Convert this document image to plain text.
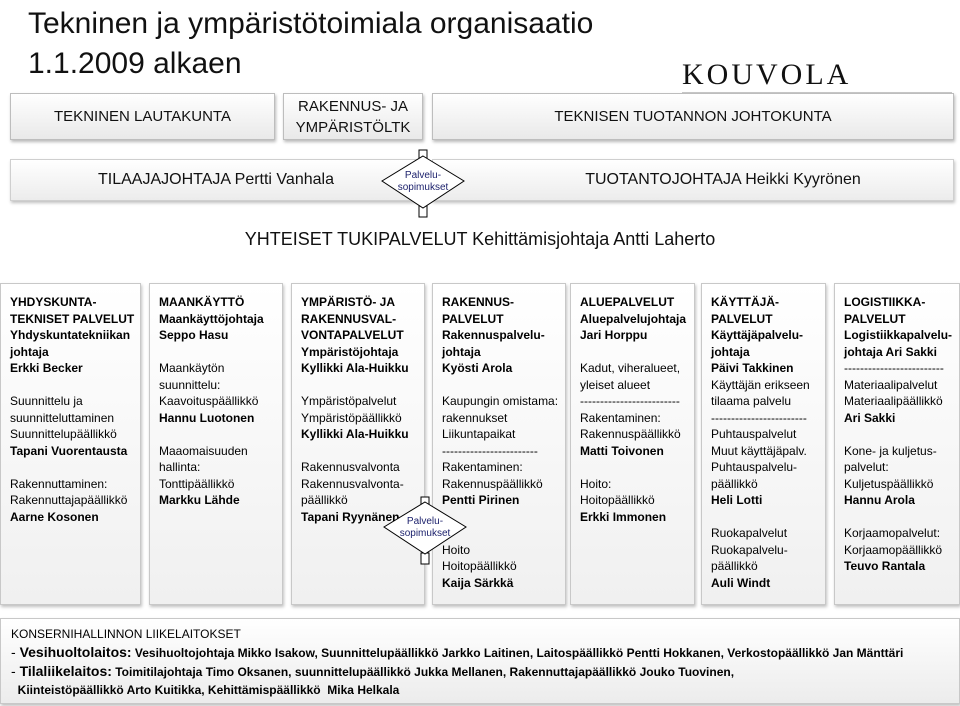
Tekninen ja ympäristötoimiala organisaatio
1.1.2009 alkaen	KOUVOLA
TEKNINEN LAUTAKUNTA
RAKENNUS- JA
YMPÄRISTÖLTK
TEKNISEN TUOTANNON JOHTOKUNTA
TILAAJAJOHTAJA Pertti Vanhala	TUOTANTOJOHTAJA Heikki Kyyrönen
Palvelu-
sopimukset
YHTEISET TUKIPALVELUT Kehittämisjohtaja Antti Laherto
YHDYSKUNTA-
TEKNISET PALVELUT
Yhdyskuntatekniikan
johtaja
Erkki Becker
Suunnittelu ja
suunnitteluttaminen
Suunnittelupäällikkö
Tapani Vuorentausta
Rakennuttaminen:
Rakennuttajapäällikkö
Aarne Kosonen
MAANKÄYTTÖ
Maankäyttöjohtaja
Seppo Hasu
Maankäytön
suunnittelu:
Kaavoituspäällikkö
Hannu Luotonen
Maaomaisuuden
hallinta:
Tonttipäällikkö
Markku Lähde
YMPÄRISTÖ- JA
RAKENNUSVAL-
VONTAPALVELUT
Ympäristöjohtaja
Kyllikki Ala-Huikku
Ympäristöpalvelut
Ympäristöpäällikkö
Kyllikki Ala-Huikku
Rakennusvalvonta
Rakennusvalvonta-
päällikkö
Tapani Ryynänen
RAKENNUS-
PALVELUT
Rakennuspalvelu-
johtaja
Kyösti Arola
Kaupungin omistama:
rakennukset
Liikuntapaikat
------------------------
Rakentaminen:
Rakennuspäällikkö
Pentti Pirinen
Hoito
Hoitopäällikkö
Kaija Särkkä
ALUEPALVELUT
Aluepalvelujohtaja
Jari Horppu
Kadut, viheralueet,
yleiset alueet
-------------------------
Rakentaminen:
Rakennuspäällikkö
Matti Toivonen
Hoito:
Hoitopäällikkö
Erkki Immonen
KÄYTTÄJÄ-
PALVELUT
Käyttäjäpalvelu-
johtaja
Päivi Takkinen
Käyttäjän erikseen
tilaama palvelu
------------------------
Puhtauspalvelut
Muut käyttäjäpalv.
Puhtauspalvelu-
päällikkö
Heli Lotti
Ruokapalvelut
Ruokapalvelu-
päällikkö
Auli Windt
LOGISTIIKKA-
PALVELUT
Logistiikkapalvelu-
johtaja Ari Sakki
-------------------------
Materiaalipalvelut
Materiaalipäällikkö
Ari Sakki
Kone- ja kuljetus-
palvelut:
Kuljetuspäällikkö
Hannu Arola
Korjaamopalvelut:
Korjaamopäällikkö
Teuvo Rantala
Palvelu-
sopimukset
KONSERNIHALLINNON LIIKELAITOKSET
- Vesihuoltolaitos: Vesihuoltojohtaja Mikko Isakow, Suunnittelupäällikkö Jarkko Laitinen, Laitospäällikkö Pentti Hokkanen, Verkostopäällikkö Jan Mänttäri
- Tilaliikelaitos: Toimitilajohtaja Timo Oksanen, suunnittelupäällikkö Jukka Mellanen, Rakennuttajapäällikkö Jouko Tuovinen,
Kiinteistöpäällikkö Arto Kuitikka, Kehittämispäällikkö  Mika Helkala
